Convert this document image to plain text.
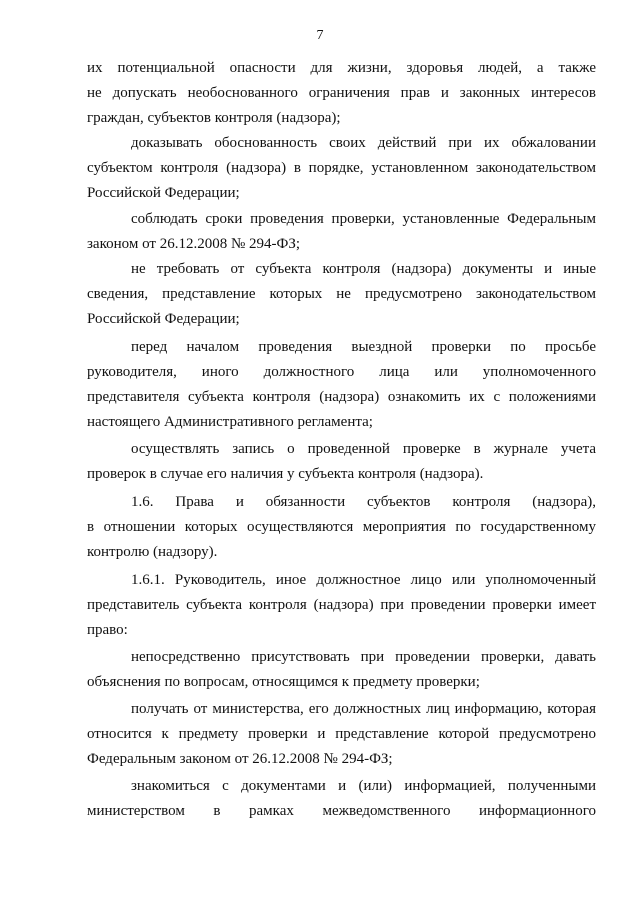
7
их потенциальной опасности для жизни, здоровья людей, а также
не допускать необоснованного ограничения прав и законных интересов
граждан, субъектов контроля (надзора);
доказывать обоснованность своих действий при их обжаловании
субъектом контроля (надзора) в порядке, установленном законодательством
Российской Федерации;
соблюдать сроки проведения проверки, установленные Федеральным
законом от 26.12.2008 № 294-ФЗ;
не требовать от субъекта контроля (надзора) документы и иные
сведения, представление которых не предусмотрено законодательством
Российской Федерации;
перед началом проведения выездной проверки по просьбе
руководителя, иного должностного лица или уполномоченного
представителя субъекта контроля (надзора) ознакомить их с положениями
настоящего Административного регламента;
осуществлять запись о проведенной проверке в журнале учета
проверок в случае его наличия у субъекта контроля (надзора).
1.6. Права и обязанности субъектов контроля (надзора),
в отношении которых осуществляются мероприятия по государственному
контролю (надзору).
1.6.1. Руководитель, иное должностное лицо или уполномоченный
представитель субъекта контроля (надзора) при проведении проверки имеет
право:
непосредственно присутствовать при проведении проверки, давать
объяснения по вопросам, относящимся к предмету проверки;
получать от министерства, его должностных лиц информацию, которая
относится к предмету проверки и представление которой предусмотрено
Федеральным законом от 26.12.2008 № 294-ФЗ;
знакомиться с документами и (или) информацией, полученными
министерством в рамках межведомственного информационного
